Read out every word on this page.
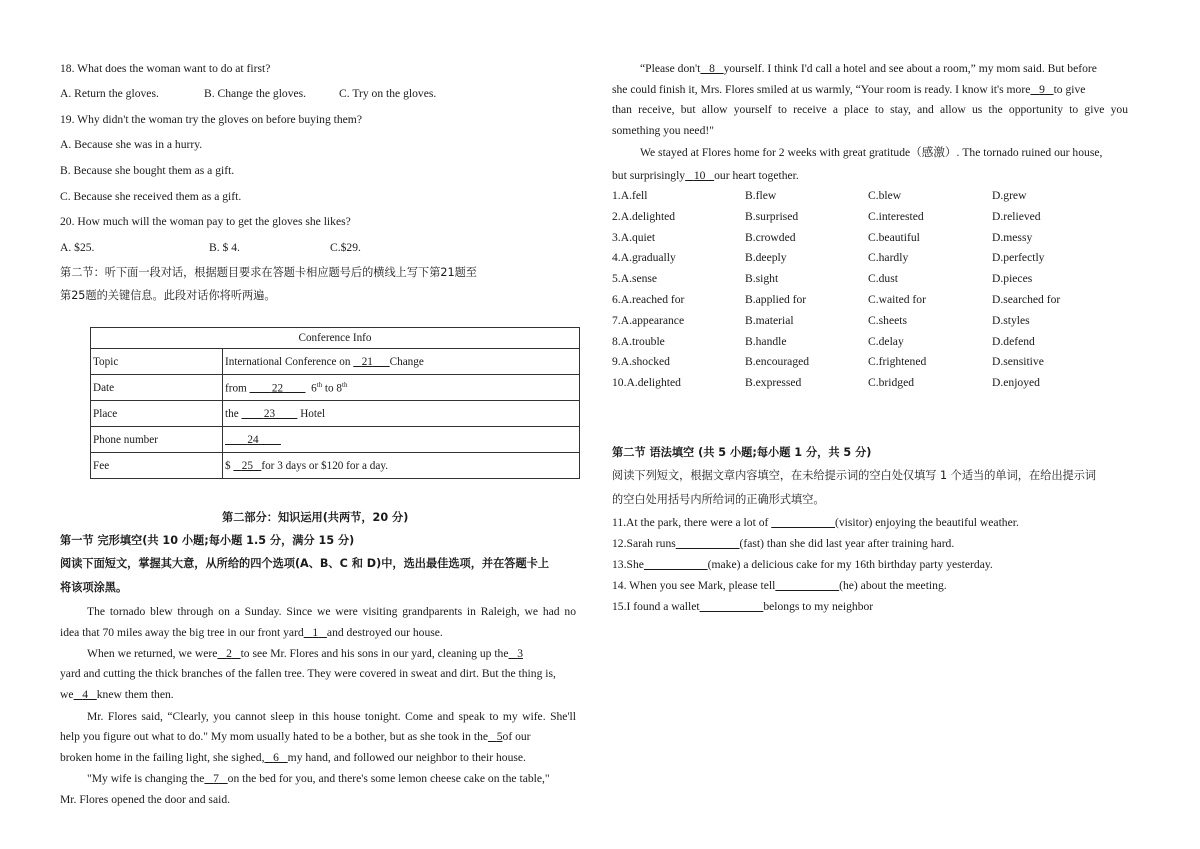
18. What does the woman want to do at first?
A. Return the gloves.	B. Change the gloves.	C. Try on the gloves.
19. Why didn't the woman try the gloves on before buying them?
A. Because she was in a hurry.
B. Because she bought them as a gift.
C. Because she received them as a gift.
20. How much will the woman pay to get the gloves she likes?
A. $25.	B. $ 4.	C.$29.
第二节：听下面一段对话，根据题目要求在答题卡相应题号后的横线上写下第21题至
第25题的关键信息。此段对话你将听两遍。
Conference Info	
Topic	International Conference on    21 Change
Date	from         22 6th to 8th
Place	the         23         Hotel
Phone number	24
Fee	$    25 for 3 days or $120 for a day.
第二部分：知识运用(共两节，20 分)
第一节 完形填空(共 10 小题;每小题 1.5 分，满分 15 分)
阅读下面短文，掌握其大意，从所给的四个选项(A、B、C 和 D)中，选出最佳选项，并在答题卡上
将该项涂黑。
The tornado blew through on a Sunday. Since we were visiting grandparents in Raleigh, we had no
idea that 70 miles away the big tree in our front yard 1 and destroyed our house.
When we returned, we were 2 to see Mr. Flores and his sons in our yard, cleaning up the 3
yard and cutting the thick branches of the fallen tree. They were covered in sweat and dirt. But the thing is,
we 4 knew them then.
Mr. Flores said, “Clearly, you cannot sleep in this house tonight. Come and speak to my wife. She'll
help you figure out what to do." My mom usually hated to be a bother, but as she took in the 5of our
broken home in the failing light, she sighed, 6 my hand, and followed our neighbor to their house.
"My wife is changing the 7 on the bed for you, and there's some lemon cheese cake on the table,"
Mr. Flores opened the door and said.
“Please don't 8 yourself. I think I'd call a hotel and see about a room,” my mom said. But before
she could finish it, Mrs. Flores smiled at us warmly, “Your room is ready. I know it's more 9 to give
than receive, but allow yourself to receive a place to stay, and allow us the opportunity to give you
something you need!"
We stayed at Flores home for 2 weeks with great gratitude（感激）. The tornado ruined our house,
but surprisingly 10 our heart together.
1.A.fell	B.flew	C.blew	D.grew
2.A.delighted	B.surprised	C.interested	D.relieved
3.A.quiet	B.crowded	C.beautiful	D.messy
4.A.gradually	B.deeply	C.hardly	D.perfectly
5.A.sense	B.sight	C.dust	D.pieces
6.A.reached for	B.applied for	C.waited for	D.searched for
7.A.appearance	B.material	C.sheets	D.styles
8.A.trouble	B.handle	C.delay	D.defend
9.A.shocked	B.encouraged	C.frightened	D.sensitive
10.A.delighted	B.expressed	C.bridged	D.enjoyed
第二节 语法填空 (共 5 小题;每小题 1 分，共 5 分)
阅读下列短文，根据文章内容填空，在未给提示词的空白处仅填写 1 个适当的单词，在给出提示词
的空白处用括号内所给词的正确形式填空。
11.At the park, there were a lot of	(visitor) enjoying the beautiful weather.
12.Sarah runs	(fast) than she did last year after training hard.
13.She	(make) a delicious cake for my 16th birthday party yesterday.
14. When you see Mark, please tell	(he) about the meeting.
15.I found a wallet	belongs to my neighbor
